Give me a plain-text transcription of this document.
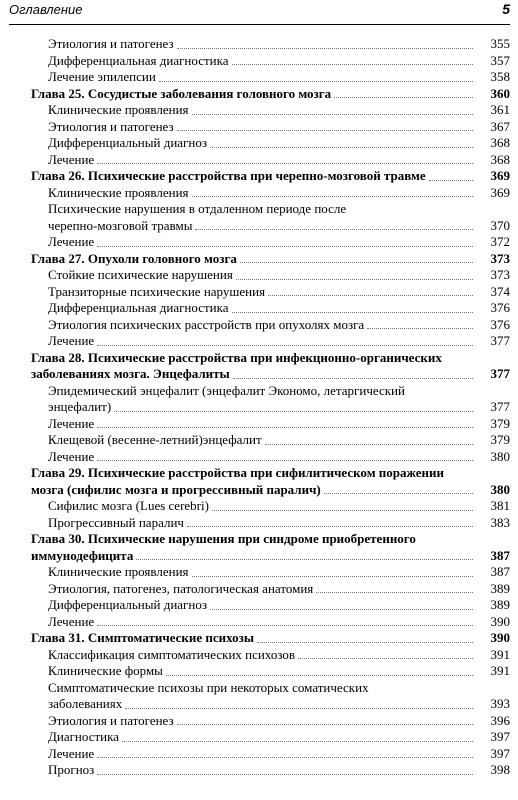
Оглавление	5
Этиология и патогенез	355
Дифференциальная диагностика	357
Лечение эпилепсии	358
Глава 25. Сосудистые заболевания головного мозга	360
Клинические проявления	361
Этиология и патогенез	367
Дифференциальный диагноз	368
Лечение	368
Глава 26. Психические расстройства при черепно-мозговой травме	369
Клинические проявления	369
Психические нарушения в отдаленном периоде после
черепно-мозговой травмы	370
Лечение	372
Глава 27. Опухоли головного мозга	373
Стойкие психические нарушения	373
Транзиторные психические нарушения	374
Дифференциальная диагностика	376
Этиология психических расстройств при опухолях мозга	376
Лечение	377
Глава 28. Психические расстройства при инфекционно-органических
заболеваниях мозга. Энцефалиты	377
Эпидемический энцефалит (энцефалит Экономо, летаргический
энцефалит)	377
Лечение	379
Клещевой (весенне-летний)энцефалит	379
Лечение	380
Глава 29. Психические расстройства при сифилитическом поражении
мозга (сифилис мозга и прогрессивный паралич)	380
Сифилис мозга (Lues cerebri)	381
Прогрессивный паралич	383
Глава 30. Психические нарушения при синдроме приобретенного
иммунодефицита	387
Клинические проявления	387
Этиология, патогенез, патологическая анатомия	389
Дифференциальный диагноз	389
Лечение	390
Глава 31. Симптоматические психозы	390
Классификация симптоматических психозов	391
Клинические формы	391
Симптоматические психозы при некоторых соматических
заболеваниях	393
Этиология и патогенез	396
Диагностика	397
Лечение	397
Прогноз	398
